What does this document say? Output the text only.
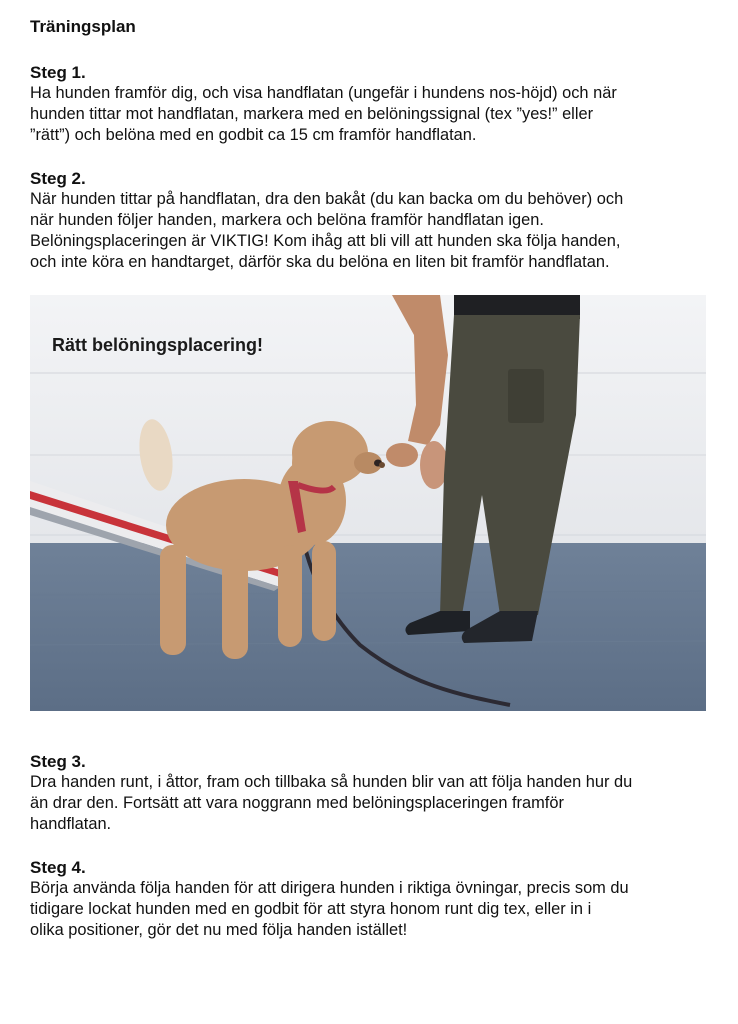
Träningsplan
Steg 1.
Ha hunden framför dig, och visa handflatan (ungefär i hundens nos-höjd) och när
hunden tittar mot handflatan, markera med en belöningssignal (tex ”yes!” eller
”rätt”) och belöna med en godbit ca 15 cm framför handflatan.
Steg 2.
När hunden tittar på handflatan, dra den bakåt (du kan backa om du behöver) och
när hunden följer handen, markera och belöna framför handflatan igen.
Belöningsplaceringen är VIKTIG! Kom ihåg att bli vill att hunden ska följa handen,
och inte köra en handtarget, därför ska du belöna en liten bit framför handflatan.
Rätt belöningsplacering!
Steg 3.
Dra handen runt, i åttor, fram och tillbaka så hunden blir van att följa handen hur du
än drar den. Fortsätt att vara noggrann med belöningsplaceringen framför
handflatan.
Steg 4.
Börja använda följa handen för att dirigera hunden i riktiga övningar, precis som du
tidigare lockat hunden med en godbit för att styra honom runt dig tex, eller in i
olika positioner, gör det nu med följa handen istället!
